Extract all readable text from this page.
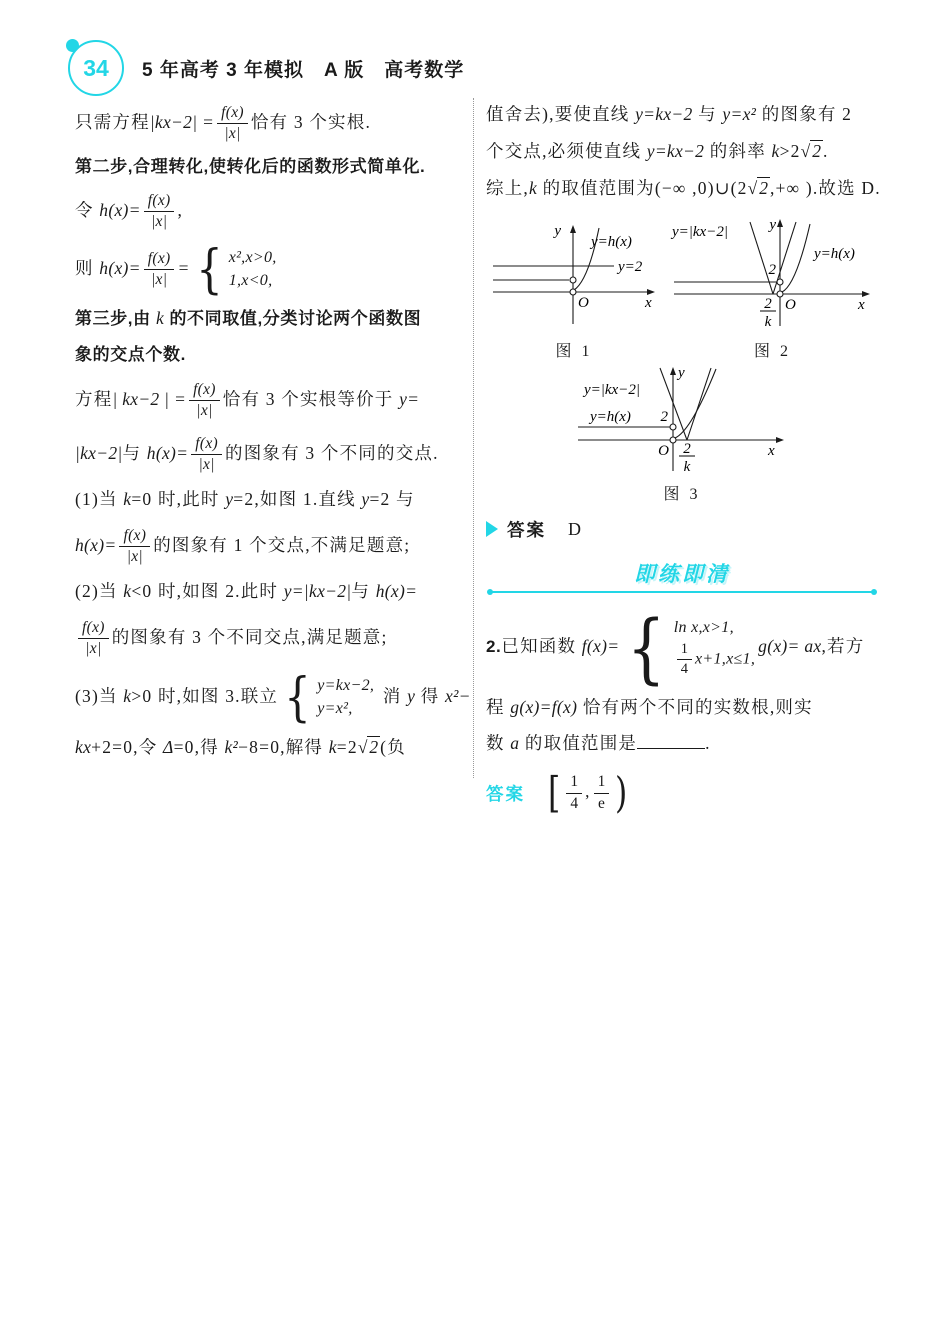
34 5 年高考 3 年模拟　A 版　高考数学
只需方程$|kx-2| = \frac{f(x)}{|x|}$ 恰有 3 个实根.
第二步,合理转化,使转化后的函数形式简单化.
令 $h(x)= \frac{f(x)}{|x|}$ ,
则 $h(x)= \frac{f(x)}{|x|}$ = { x²,x>0,
1,x<0,
第三步,由 k 的不同取值,分类讨论两个函数图
象的交点个数.
方程| kx−2 | = $\frac{f(x)}{|x|}$ 恰有 3 个实根等价于 y=
|kx−2|与 $h(x)= \frac{f(x)}{|x|}$ 的图象有 3 个不同的交点.
(1)当 k=0 时,此时 y=2,如图 1.直线 y=2 与
$h(x)= \frac{f(x)}{|x|}$ 的图象有 1 个交点,不满足题意;
(2)当 k<0 时,如图 2.此时 y=|kx−2|与 h(x)=
$\frac{f(x)}{|x|}$ 的图象有 3 个不同交点,满足题意;
(3)当 k>0 时,如图 3.联立 { y=kx−2,
y=x²,
消 y 得 x²−
kx+2=0,令 Δ=0,得 k²−8=0,解得 k=2√ 2 (负
值舍去),要使直线 y=kx−2 与 y=x² 的图象有 2
个交点,必须使直线 y=kx−2 的斜率 k>2√ 2 .
综上,k 的取值范围为(−∞ ,0)∪(2√ 2 ,+∞ ).故选 D.
y
x
O
y=h(x)
y=2
图 1
y
x
O
y=|kx−2|
y=h(x)
2
2
k
图 2
y
x
O
y=|kx−2|
y=h(x) 2
2
k
图 3
答案 D
即练即清
2.已知函数 f(x)= { ln x,x>1,
$\frac{1}{4} x+1,x\le 1$,
g(x)= ax,若方
程 g(x)=f(x) 恰有两个不同的实数根,则实
数 a 的取值范围是	.
答案 [ $\frac{1}{4}$ , $\frac{1}{e}$ )
